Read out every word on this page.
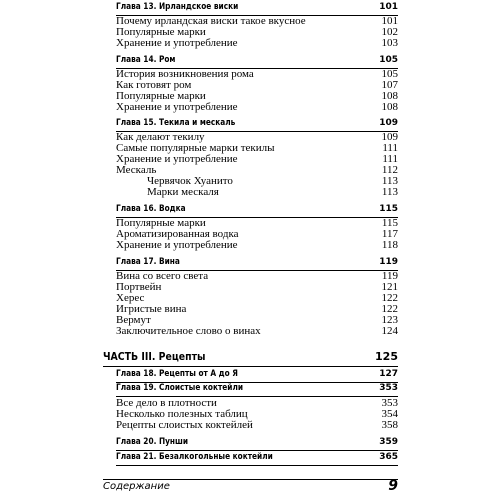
Глава 13. Ирландское виски	101
Почему ирландская виски такое вкусное	101
Популярные марки	102
Хранение и употребление	103
Глава 14. Ром	105
История возникновения рома	105
Как готовят ром	107
Популярные марки	108
Хранение и употребление	108
Глава 15. Текила и мескаль	109
Как делают текилу	109
Самые популярные марки текилы	111
Хранение и употребление	111
Мескаль	112
Червячок Хуанито	113
Марки мескаля	113
Глава 16. Водка	115
Популярные марки	115
Ароматизированная водка	117
Хранение и употребление	118
Глава 17. Вина	119
Вина со всего света	119
Портвейн	121
Херес	122
Игристые вина	122
Вермут	123
Заключительное слово о винах	124
ЧАСТЬ III. Рецепты	125
Глава 18. Рецепты от А до Я	127
Глава 19. Слоистые коктейли	353
Все дело в плотности	353
Несколько полезных таблиц	354
Рецепты слоистых коктейлей	358
Глава 20. Пунши	359
Глава 21. Безалкогольные коктейли	365
Содержание	9
